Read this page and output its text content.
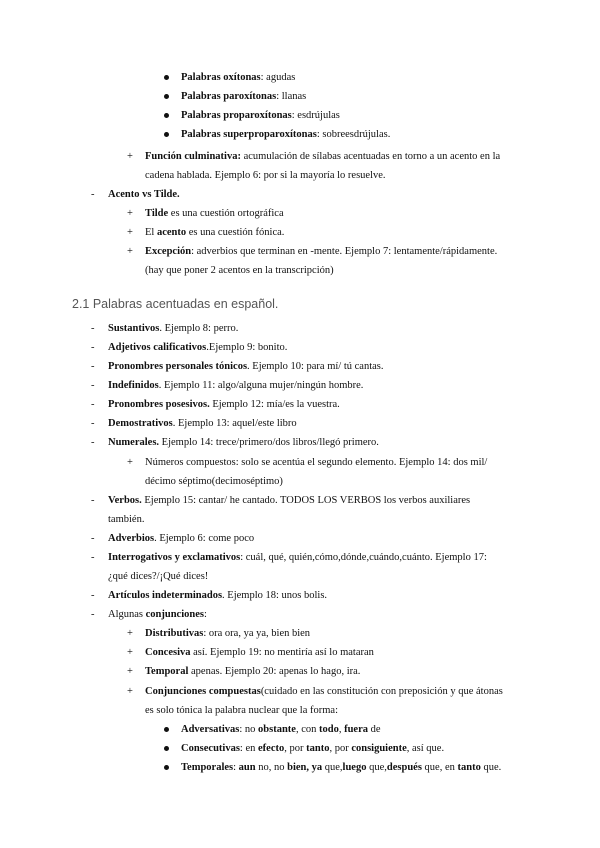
Palabras oxítonas: agudas
Palabras paroxítonas: llanas
Palabras proparoxítonas: esdrújulas
Palabras superproparoxítonas: sobreesdrújulas.
+ Función culminativa: acumulación de sílabas acentuadas en torno a un acento en la
cadena hablada. Ejemplo 6: por si la mayoría lo resuelve.
- Acento vs Tilde.
+ Tilde es una cuestión ortográfica
+ El acento es una cuestión fónica.
+ Excepción: adverbios que terminan en -mente. Ejemplo 7: lentamente/rápidamente.
(hay que poner 2 acentos en la transcripción)
2.1 Palabras acentuadas en español.
- Sustantivos. Ejemplo 8: perro.
- Adjetivos calificativos.Ejemplo 9: bonito.
- Pronombres personales tónicos. Ejemplo 10: para mí/ tú cantas.
- Indefinidos. Ejemplo 11: algo/alguna mujer/ningún hombre.
- Pronombres posesivos. Ejemplo 12: mía/es la vuestra.
- Demostrativos. Ejemplo 13: aquel/este libro
- Numerales. Ejemplo 14: trece/primero/dos libros/llegó primero.
+ Números compuestos: solo se acentúa el segundo elemento. Ejemplo 14: dos mil/
décimo séptimo(decimoséptimo)
- Verbos. Ejemplo 15: cantar/ he cantado. TODOS LOS VERBOS los verbos auxiliares
también.
- Adverbios. Ejemplo 6: come poco
- Interrogativos y exclamativos: cuál, qué, quién,cómo,dónde,cuándo,cuánto. Ejemplo 17:
¿qué dices?/¡Qué dices!
- Artículos indeterminados. Ejemplo 18: unos bolis.
- Algunas conjunciones:
+ Distributivas: ora ora, ya ya, bien bien
+ Concesiva así. Ejemplo 19: no mentiría así lo mataran
+ Temporal apenas. Ejemplo 20: apenas lo hago, ira.
+ Conjunciones compuestas(cuidado en las constitución con preposición y que átonas
es solo tónica la palabra nuclear que la forma:
Adversativas: no obstante, con todo, fuera de
Consecutivas: en efecto, por tanto, por consiguiente, así que.
Temporales: aun no, no bien, ya que,luego que,después que, en tanto que.
